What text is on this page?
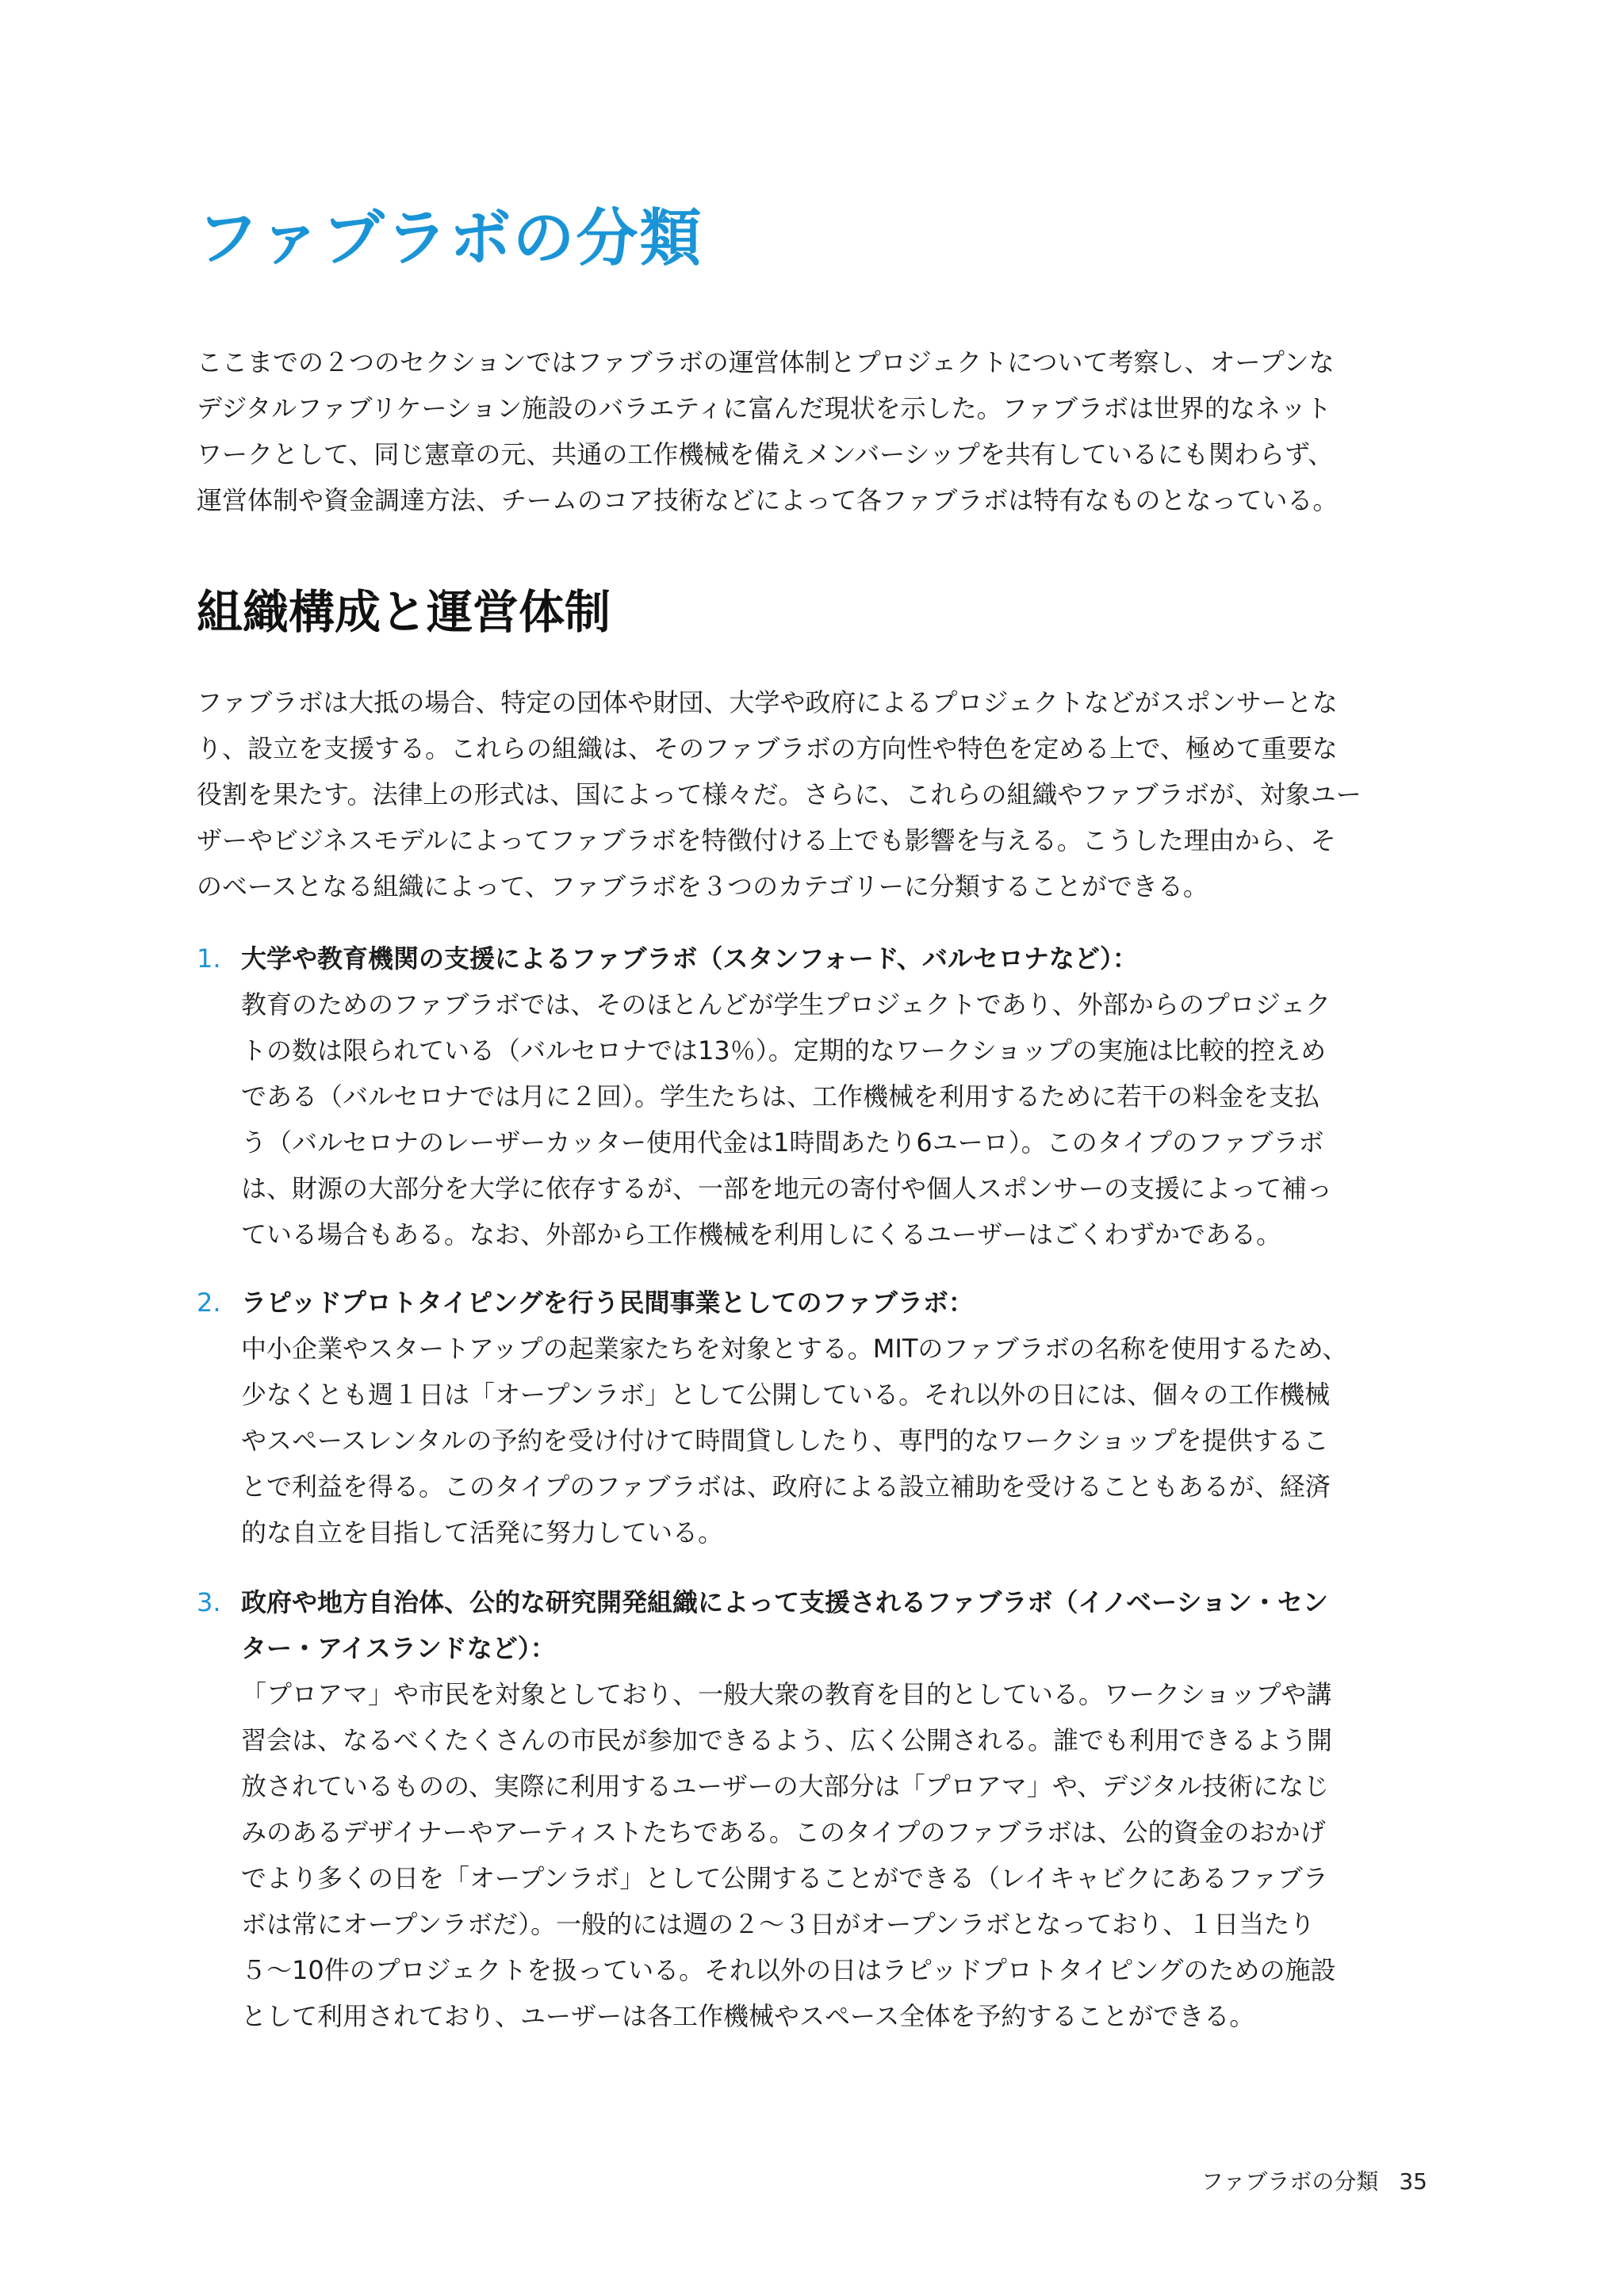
ファブラボの分類

ここまでの２つのセクションではファブラボの運営体制とプロジェクトについて考察し、オープンな
デジタルファブリケーション施設のバラエティに富んだ現状を示した。ファブラボは世界的なネット
ワークとして、同じ憲章の元、共通の工作機械を備えメンバーシップを共有しているにも関わらず、
運営体制や資金調達方法、チームのコア技術などによって各ファブラボは特有なものとなっている。

組織構成と運営体制

ファブラボは大抵の場合、特定の団体や財団、大学や政府によるプロジェクトなどがスポンサーとな
り、設立を支援する。これらの組織は、そのファブラボの方向性や特色を定める上で、極めて重要な
役割を果たす。法律上の形式は、国によって様々だ。さらに、これらの組織やファブラボが、対象ユー
ザーやビジネスモデルによってファブラボを特徴付ける上でも影響を与える。こうした理由から、そ
のベースとなる組織によって、ファブラボを３つのカテゴリーに分類することができる。

1. 大学や教育機関の支援によるファブラボ（スタンフォード、バルセロナなど）：
教育のためのファブラボでは、そのほとんどが学生プロジェクトであり、外部からのプロジェク
トの数は限られている（バルセロナでは13％）。定期的なワークショップの実施は比較的控えめ
である（バルセロナでは月に２回）。学生たちは、工作機械を利用するために若干の料金を支払
う（バルセロナのレーザーカッター使用代金は1時間あたり6ユーロ）。このタイプのファブラボ
は、財源の大部分を大学に依存するが、一部を地元の寄付や個人スポンサーの支援によって補っ
ている場合もある。なお、外部から工作機械を利用しにくるユーザーはごくわずかである。
2. ラピッドプロトタイピングを行う民間事業としてのファブラボ：
中小企業やスタートアップの起業家たちを対象とする。MITのファブラボの名称を使用するため、
少なくとも週１日は「オープンラボ」として公開している。それ以外の日には、個々の工作機械
やスペースレンタルの予約を受け付けて時間貸ししたり、専門的なワークショップを提供するこ
とで利益を得る。このタイプのファブラボは、政府による設立補助を受けることもあるが、経済
的な自立を目指して活発に努力している。
3. 政府や地方自治体、公的な研究開発組織によって支援されるファブラボ（イノベーション・セン
ター・アイスランドなど）：
「プロアマ」や市民を対象としており、一般大衆の教育を目的としている。ワークショップや講
習会は、なるべくたくさんの市民が参加できるよう、広く公開される。誰でも利用できるよう開
放されているものの、実際に利用するユーザーの大部分は「プロアマ」や、デジタル技術になじ
みのあるデザイナーやアーティストたちである。このタイプのファブラボは、公的資金のおかげ
でより多くの日を「オープンラボ」として公開することができる（レイキャビクにあるファブラ
ボは常にオープンラボだ）。一般的には週の２〜３日がオープンラボとなっており、１日当たり
５〜10件のプロジェクトを扱っている。それ以外の日はラピッドプロトタイピングのための施設
として利用されており、ユーザーは各工作機械やスペース全体を予約することができる。
ファブラボの分類 35
